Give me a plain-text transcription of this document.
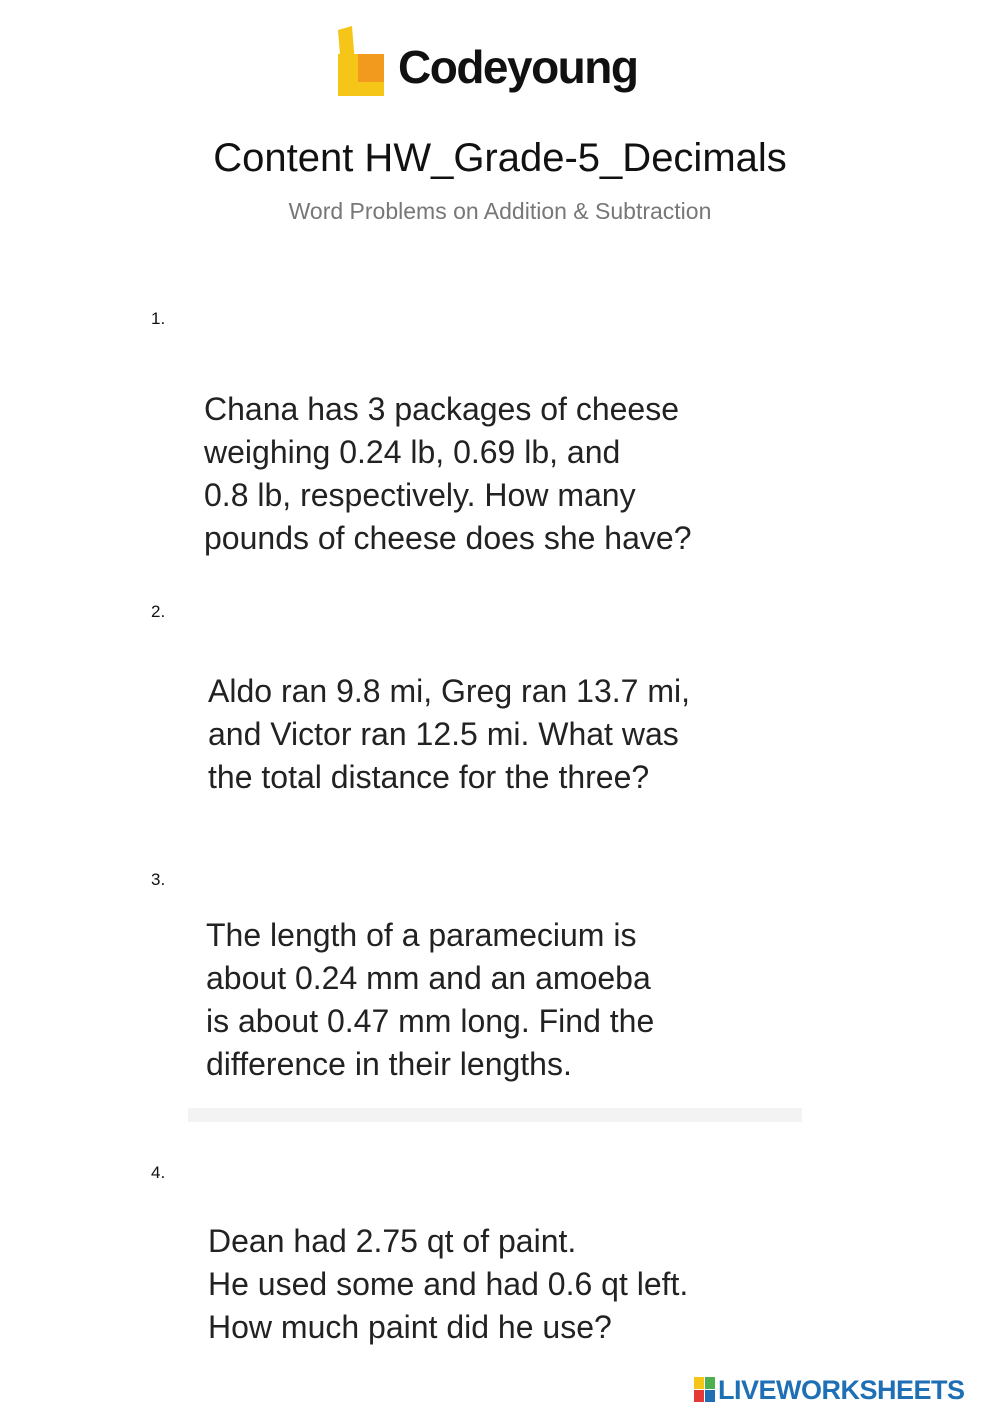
Codeyoung
Content HW_Grade-5_Decimals
Word Problems on Addition & Subtraction
1.
Chana has 3 packages of cheese
weighing 0.24 lb, 0.69 lb, and
0.8 lb, respectively. How many
pounds of cheese does she have?
2.
Aldo ran 9.8 mi, Greg ran 13.7 mi,
and Victor ran 12.5 mi. What was
the total distance for the three?
3.
The length of a paramecium is
about 0.24 mm and an amoeba
is about 0.47 mm long. Find the
difference in their lengths.
4.
Dean had 2.75 qt of paint.
He used some and had 0.6 qt left.
How much paint did he use?
LIVEWORKSHEETS
